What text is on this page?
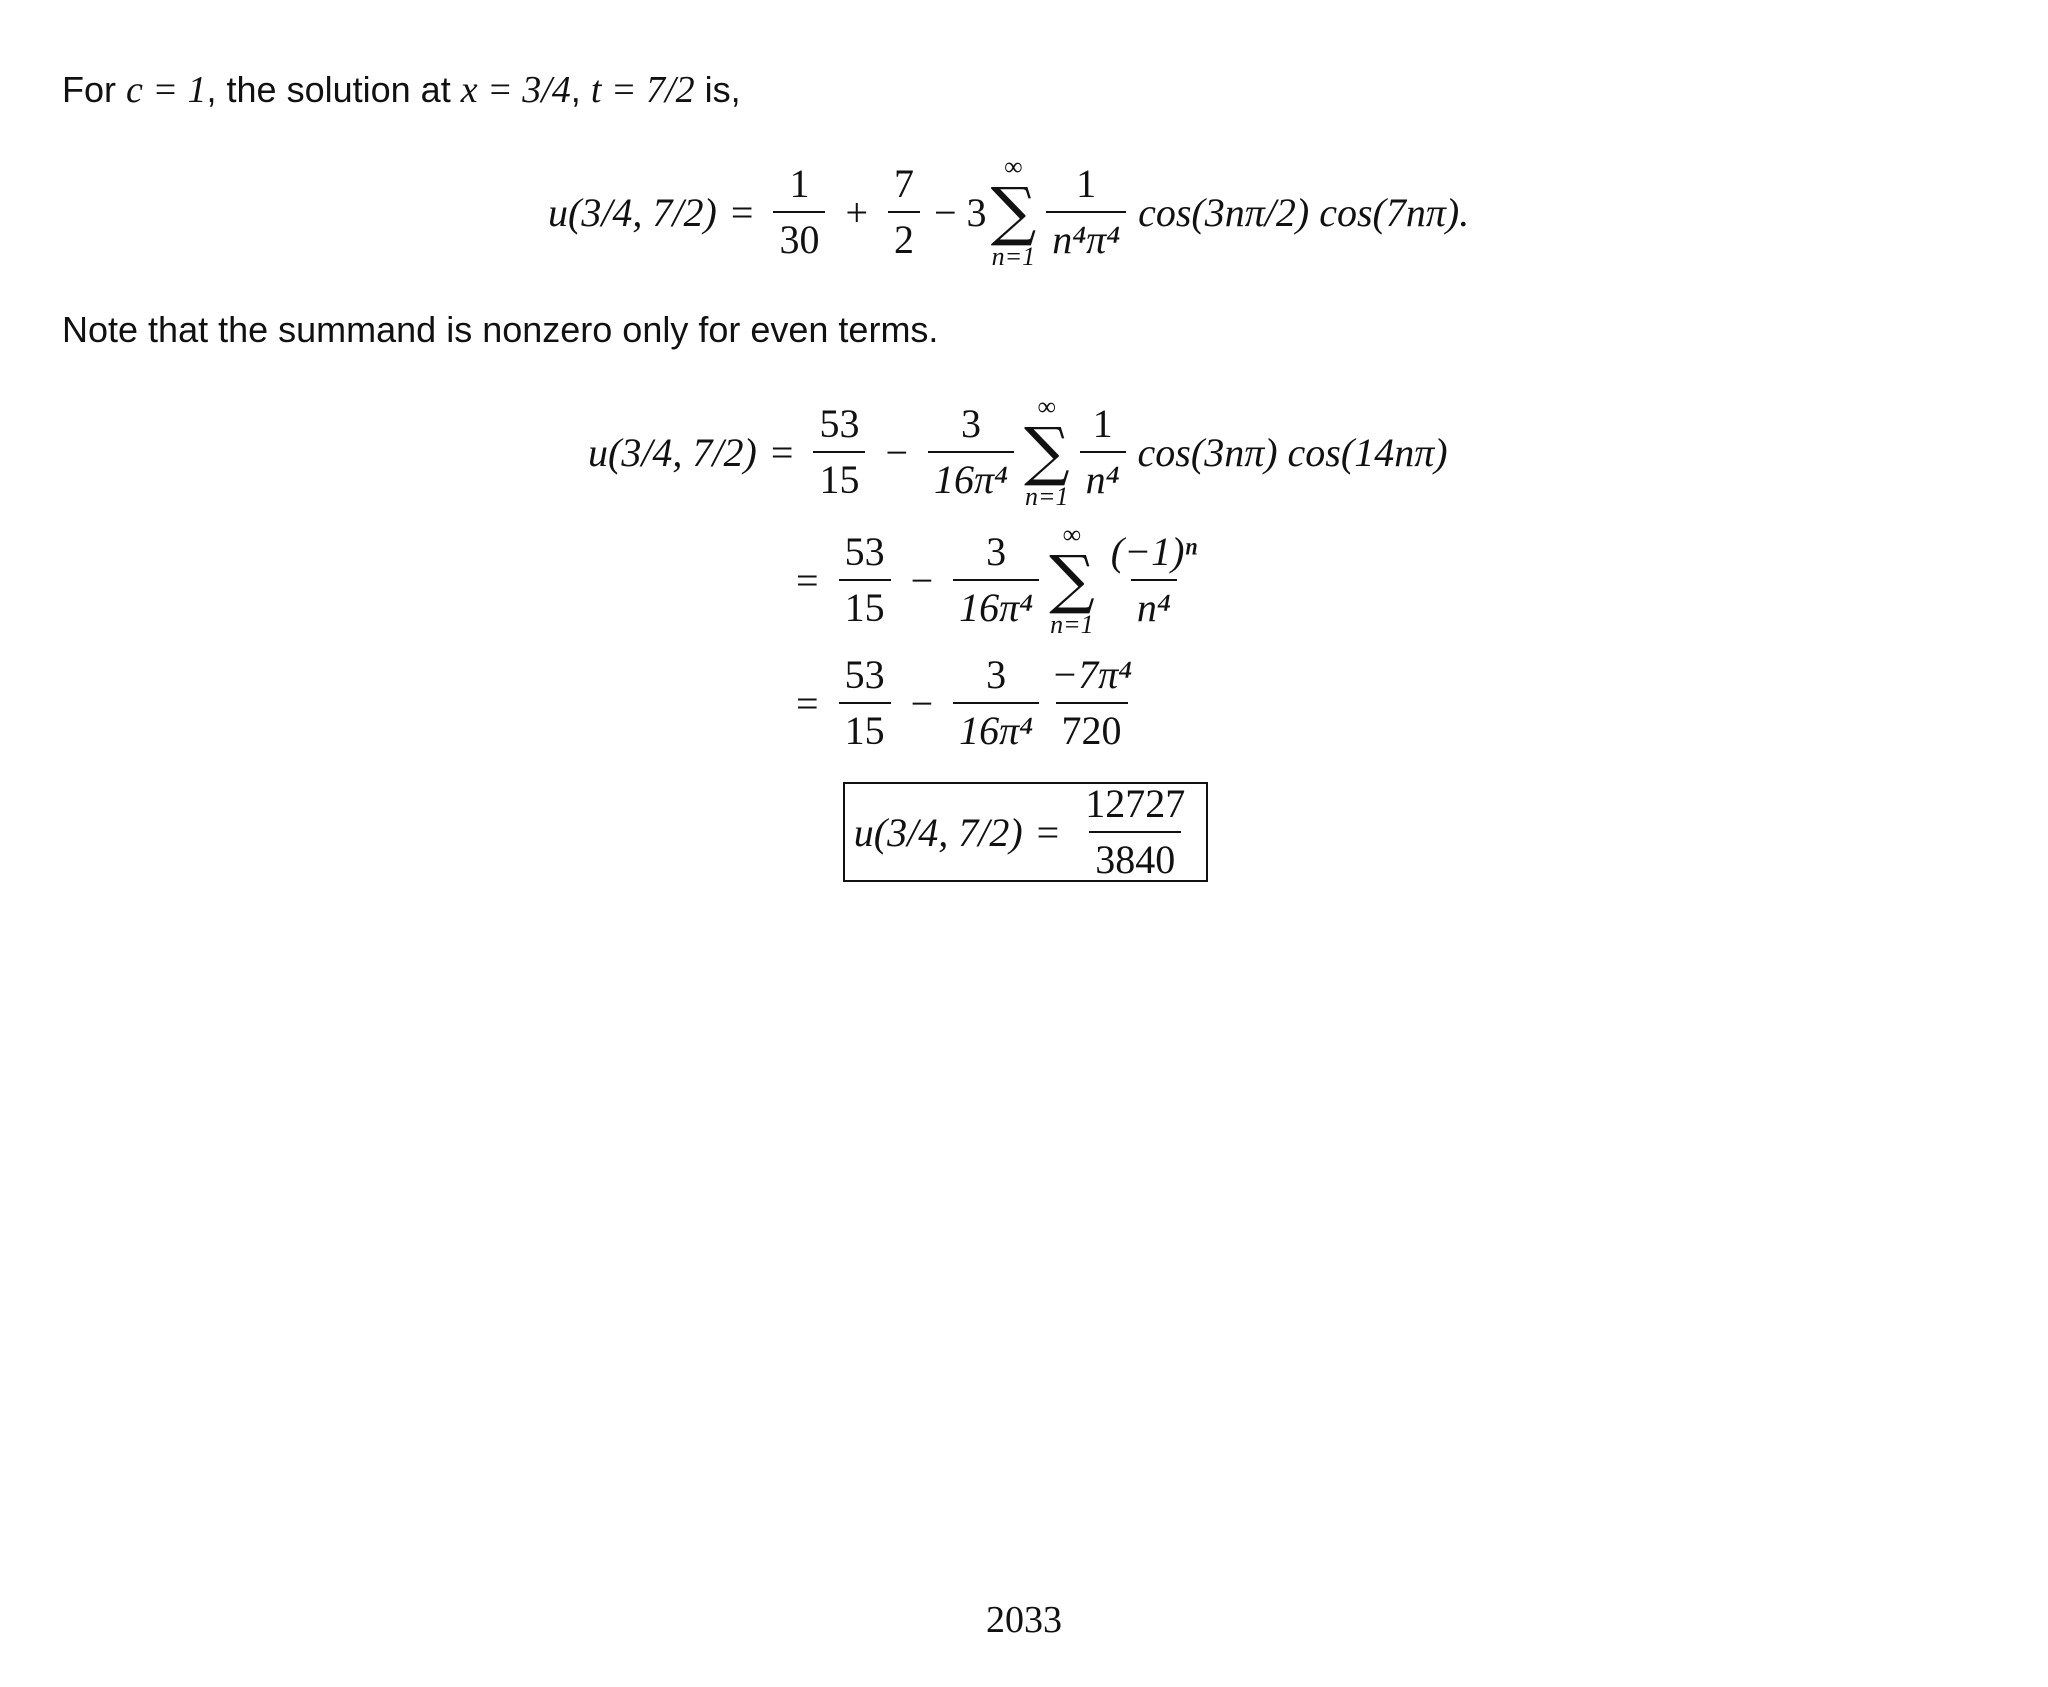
For c = 1, the solution at x = 3/4, t = 7/2 is,
u(3/4, $7/2) = \frac{1}{30} + \frac{7}{2} - 3$
∞
∑
$n=1 \frac{1}{\text{n⁴π⁴}} \cos(3n\pi/2)$ cos(7nπ).
Note that the summand is nonzero only for even terms.
u(3/4, $7/2) = \frac{53}{15} - \frac{3}{\text{16π⁴}}$ ∞
∑
$n=1 \frac{1}{\text{n⁴}} \cos(3n\pi)$ cos(14nπ)
= $\frac{53}{15} - \frac{3}{\text{16π⁴}}$ ∞
∑
$n=1 \frac{\text{(−1)ⁿ}}{\text{n⁴}}$
= $\frac{53}{15} - \frac{3}{\text{16π⁴}} \frac{\text{−7π⁴}}{720}$
u(3/4, $7/2) = \frac{12727}{3840}$
2033
